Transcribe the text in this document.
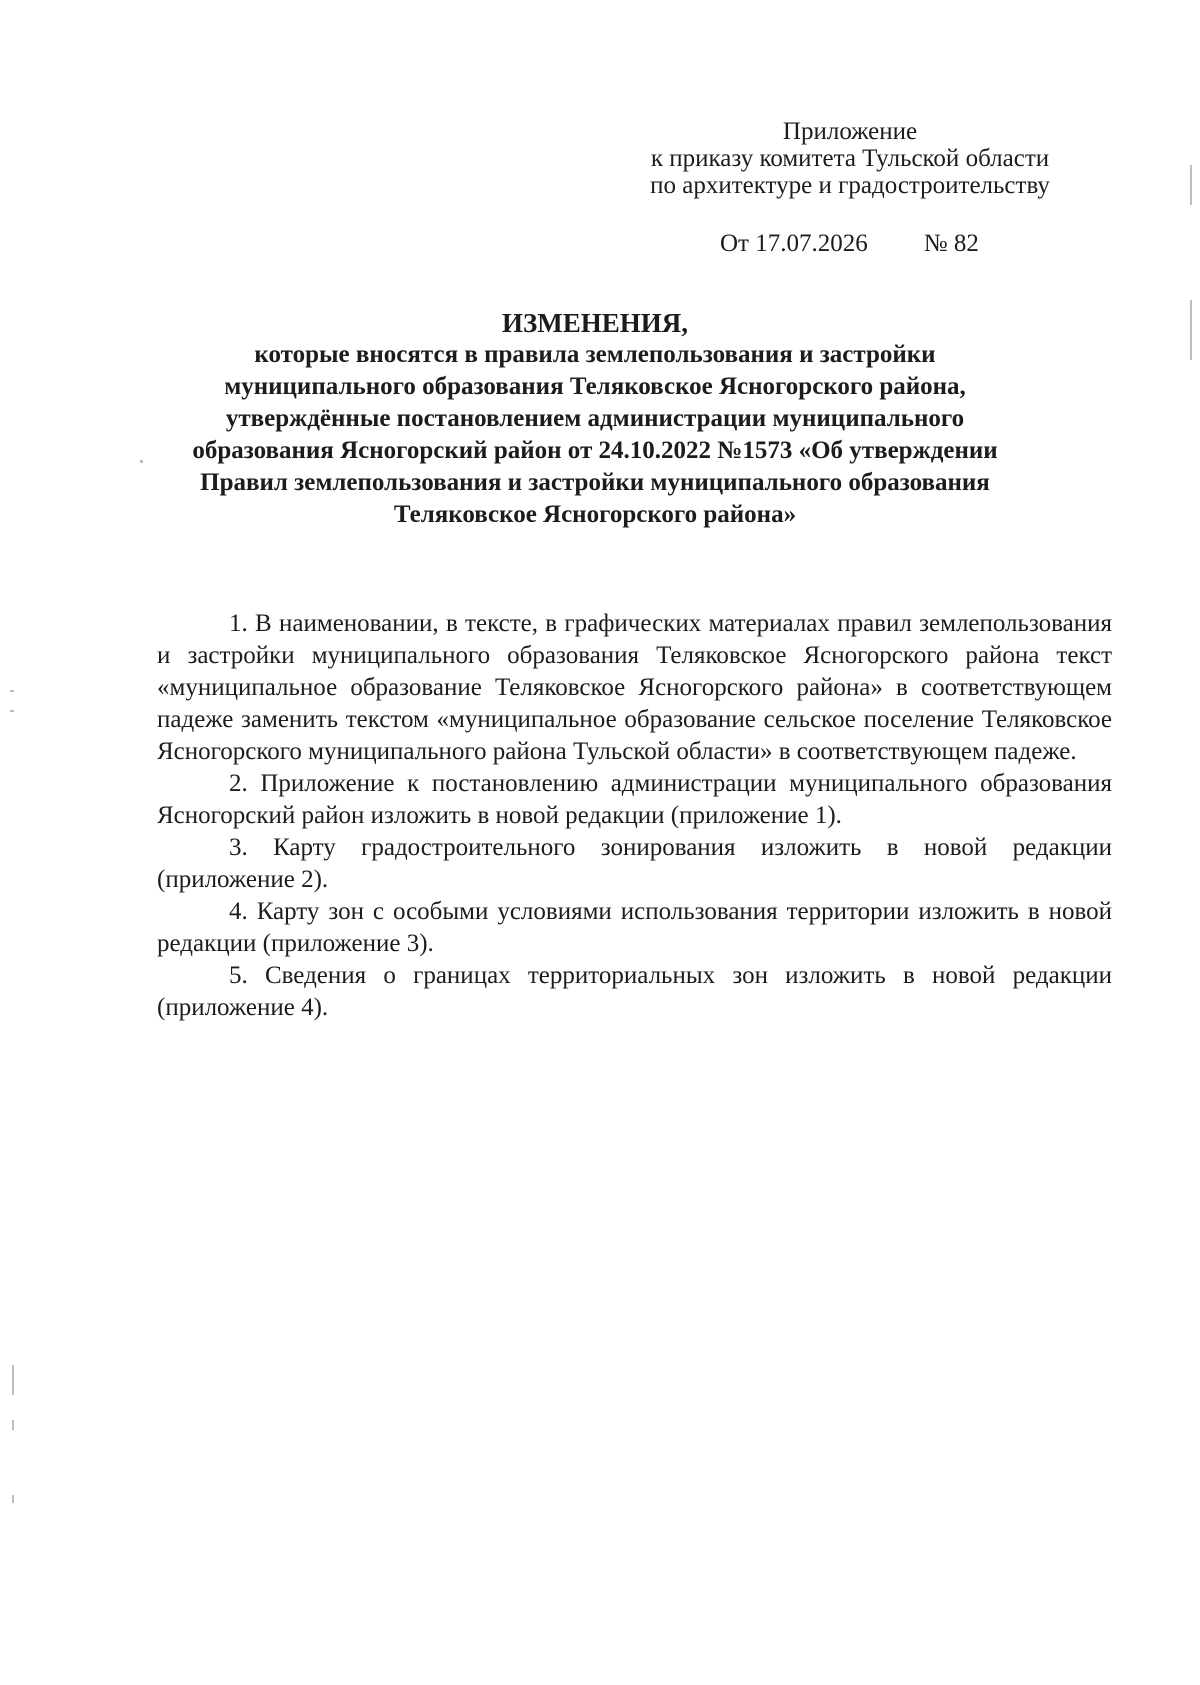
Приложение
к приказу комитета Тульской области
по архитектуре и градостроительству
От 17.07.2026 № 82
ИЗМЕНЕНИЯ,
которые вносятся в правила землепользования и застройки
муниципального образования Теляковское Ясногорского района,
утверждённые постановлением администрации муниципального
образования Ясногорский район от 24.10.2022 №1573 «Об утверждении
Правил землепользования и застройки муниципального образования
Теляковское Ясногорского района»

1. В наименовании, в тексте, в графических материалах правил землепользования и застройки муниципального образования Теляковское Ясногорского района текст «муниципальное образование Теляковское Ясногорского района» в соответствующем падеже заменить текстом «муниципальное образование сельское поселение Теляковское Ясногорского муниципального района Тульской области» в соответствующем падеже.

2. Приложение к постановлению администрации муниципального образования Ясногорский район изложить в новой редакции (приложение 1).

3. Карту градостроительного зонирования изложить в новой редакции (приложение 2).

4. Карту зон с особыми условиями использования территории изложить в новой редакции (приложение 3).

5. Сведения о границах территориальных зон изложить в новой редакции (приложение 4).
